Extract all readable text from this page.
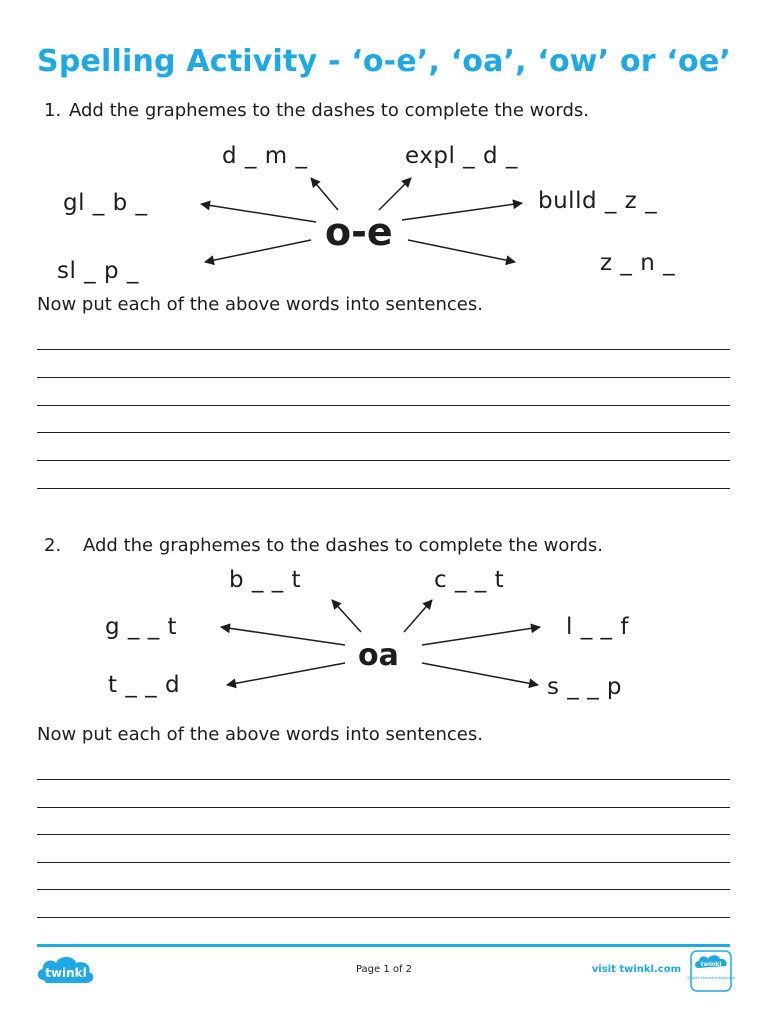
Spelling Activity - ‘o-e’, ‘oa’, ‘ow’ or ‘oe’
1. Add the graphemes to the dashes to complete the words.
d _ m _	expl _ d _
gl _ b _	bulld _ z _
sl _ p _	z _ n _
o-e
Now put each of the above words into sentences.
2. Add the graphemes to the dashes to complete the words.
b _ _ t	c _ _ t
g _ _ t	l _ _ f
t _ _ d	s _ _ p
oa
Now put each of the above words into sentences.
twinkl	Page 1 of 2	visit twinkl.com	twinkl
Quality Standard Approved
